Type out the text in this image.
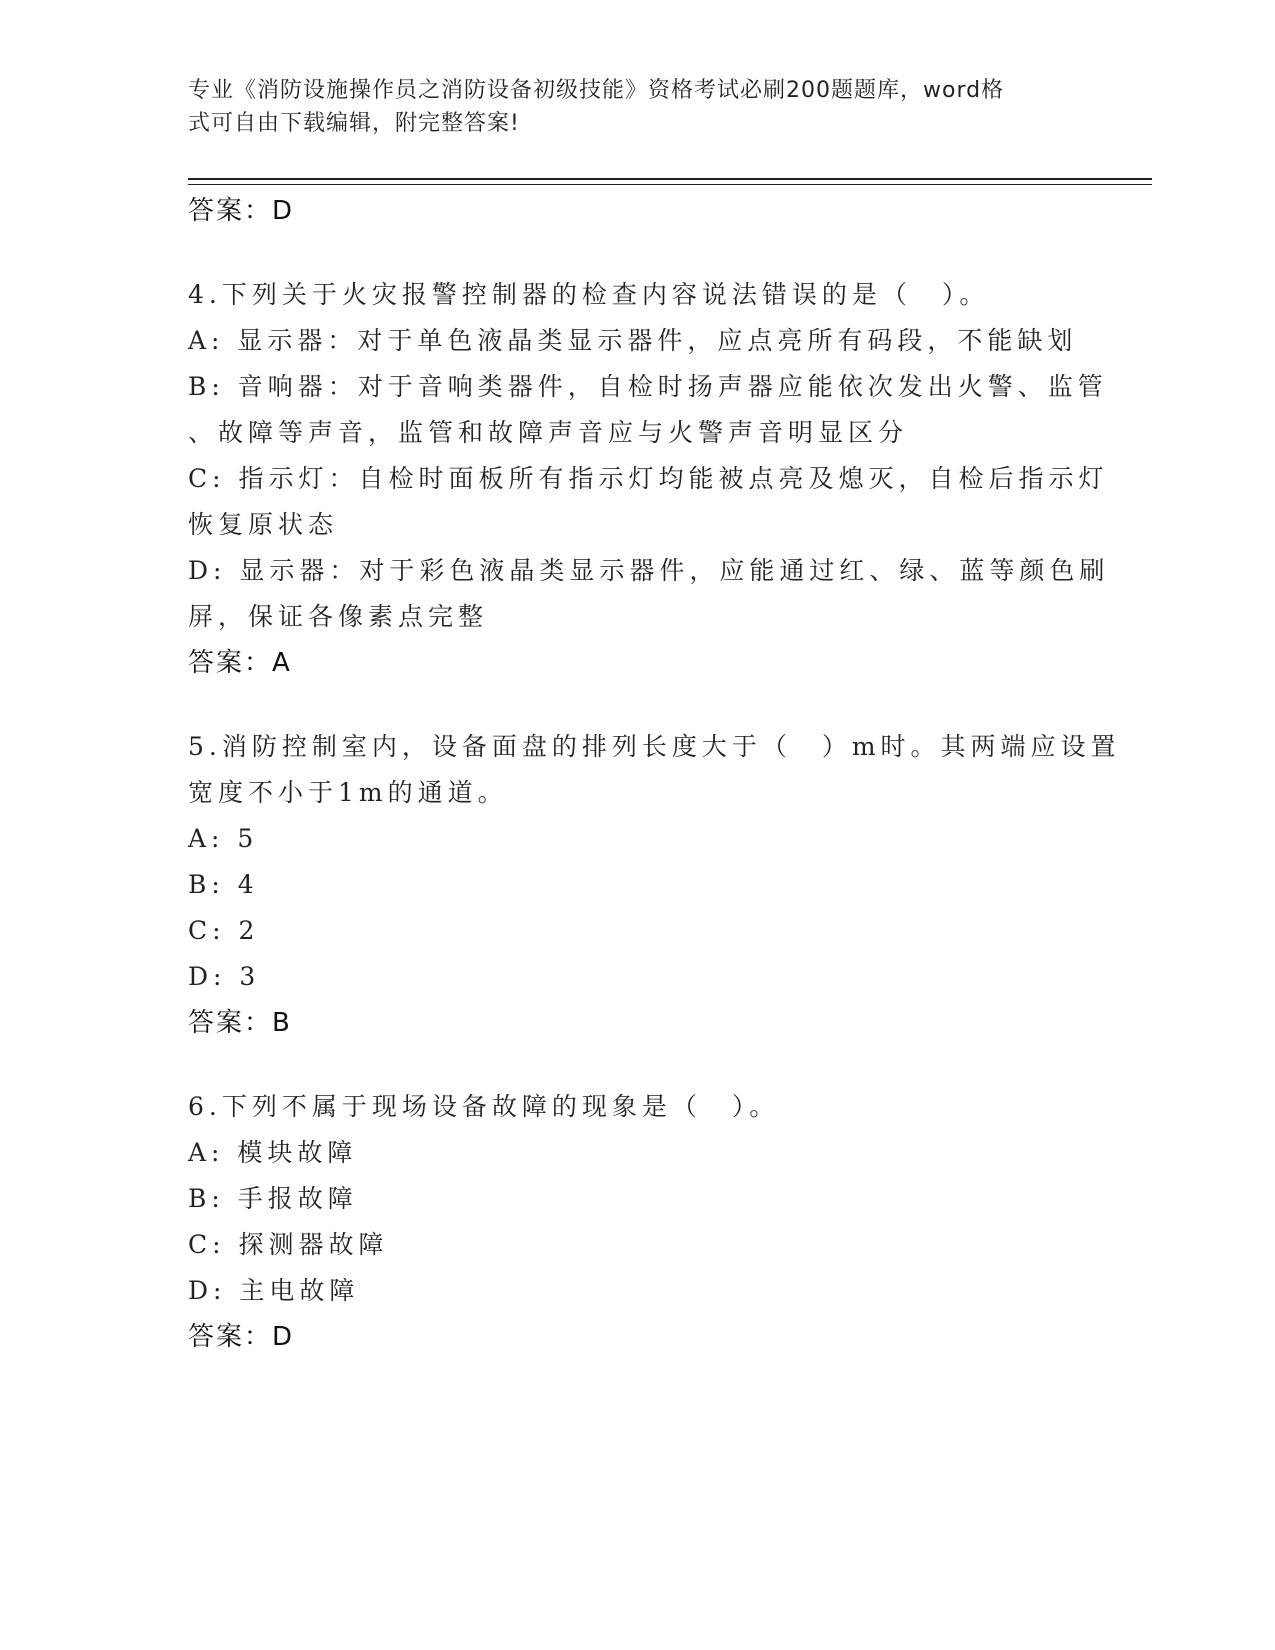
专业《消防设施操作员之消防设备初级技能》资格考试必刷200题题库，word格
式可自由下载编辑，附完整答案!
答案：D
4.下列关于火灾报警控制器的检查内容说法错误的是（　）。
A: 显示器：对于单色液晶类显示器件，应点亮所有码段，不能缺划
B: 音响器：对于音响类器件，自检时扬声器应能依次发出火警、监管
、故障等声音，监管和故障声音应与火警声音明显区分
C: 指示灯：自检时面板所有指示灯均能被点亮及熄灭，自检后指示灯
恢复原状态
D: 显示器：对于彩色液晶类显示器件，应能通过红、绿、蓝等颜色刷
屏，保证各像素点完整
答案：A
5.消防控制室内，设备面盘的排列长度大于（　）m时。其两端应设置
宽度不小于1m的通道。
A: 5
B: 4
C: 2
D: 3
答案：B
6.下列不属于现场设备故障的现象是（　）。
A: 模块故障
B: 手报故障
C: 探测器故障
D: 主电故障
答案：D
